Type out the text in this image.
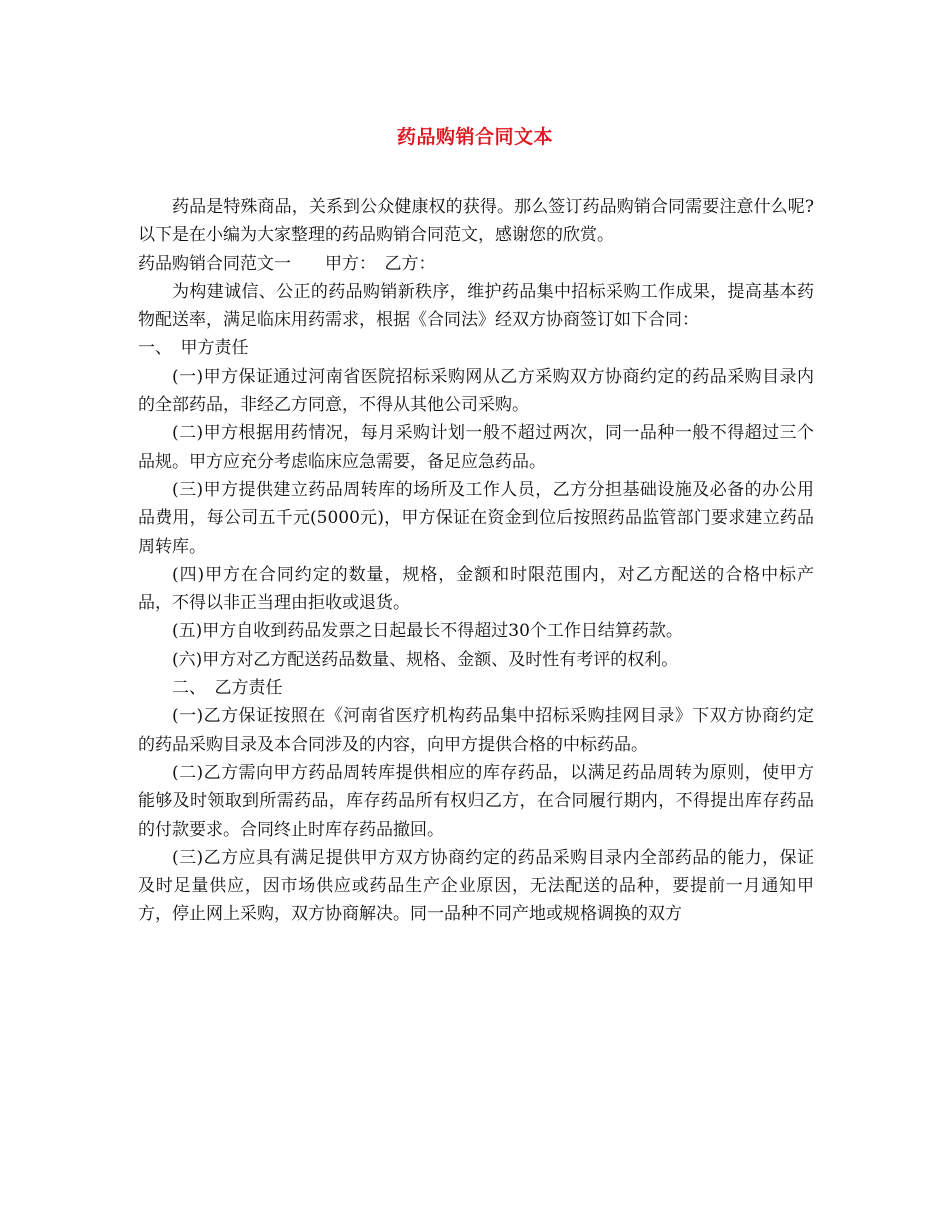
药品购销合同文本

药品是特殊商品，关系到公众健康权的获得。那么签订药品购销合同需要注意什么呢?以下是在小编为大家整理的药品购销合同范文，感谢您的欣赏。

药品购销合同范文一　　甲方：　乙方：

为构建诚信、公正的药品购销新秩序，维护药品集中招标采购工作成果，提高基本药物配送率，满足临床用药需求，根据《合同法》经双方协商签订如下合同：

一、　甲方责任

(一)甲方保证通过河南省医院招标采购网从乙方采购双方协商约定的药品采购目录内的全部药品，非经乙方同意，不得从其他公司采购。

(二)甲方根据用药情况，每月采购计划一般不超过两次，同一品种一般不得超过三个品规。甲方应充分考虑临床应急需要，备足应急药品。

(三)甲方提供建立药品周转库的场所及工作人员，乙方分担基础设施及必备的办公用品费用，每公司五千元(5000元)，甲方保证在资金到位后按照药品监管部门要求建立药品周转库。

(四)甲方在合同约定的数量，规格，金额和时限范围内，对乙方配送的合格中标产品，不得以非正当理由拒收或退货。

(五)甲方自收到药品发票之日起最长不得超过30个工作日结算药款。

(六)甲方对乙方配送药品数量、规格、金额、及时性有考评的权利。

二、　乙方责任

(一)乙方保证按照在《河南省医疗机构药品集中招标采购挂网目录》下双方协商约定的药品采购目录及本合同涉及的内容，向甲方提供合格的中标药品。

(二)乙方需向甲方药品周转库提供相应的库存药品，以满足药品周转为原则，使甲方能够及时领取到所需药品，库存药品所有权归乙方，在合同履行期内，不得提出库存药品的付款要求。合同终止时库存药品撤回。

(三)乙方应具有满足提供甲方双方协商约定的药品采购目录内全部药品的能力，保证及时足量供应，因市场供应或药品生产企业原因，无法配送的品种，要提前一月通知甲方，停止网上采购，双方协商解决。同一品种不同产地或规格调换的双方
